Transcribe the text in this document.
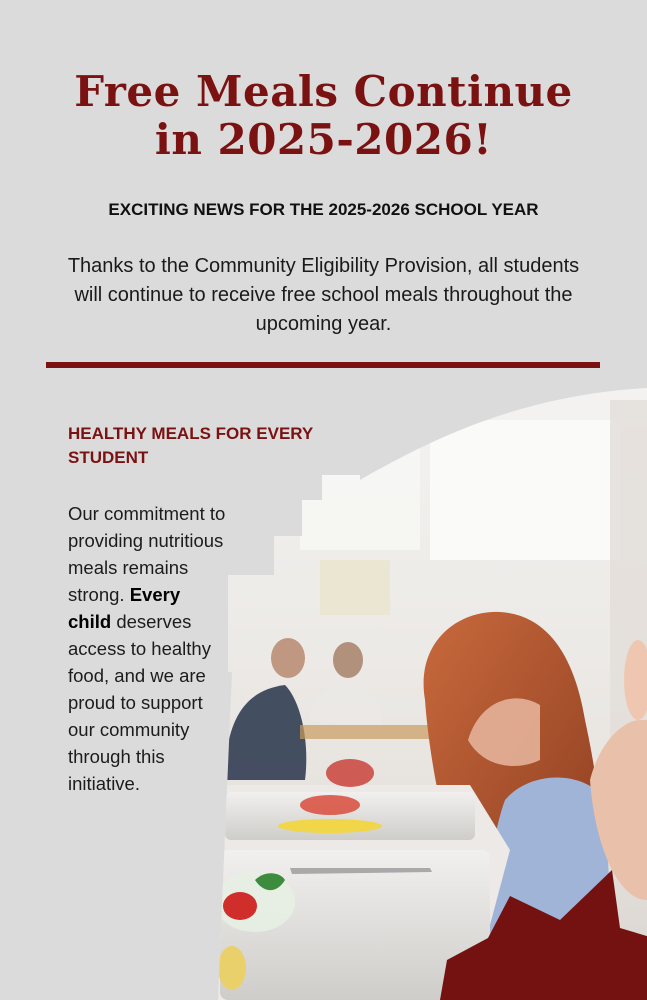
Free Meals Continue
in 2025-2026!

EXCITING NEWS FOR THE 2025-2026 SCHOOL YEAR

Thanks to the Community Eligibility Provision, all students will continue to receive free school meals throughout the upcoming year.

HEALTHY MEALS FOR EVERY STUDENT

Our commitment to providing nutritious meals remains strong. Every child deserves access to healthy food, and we are proud to support our community through this initiative.
